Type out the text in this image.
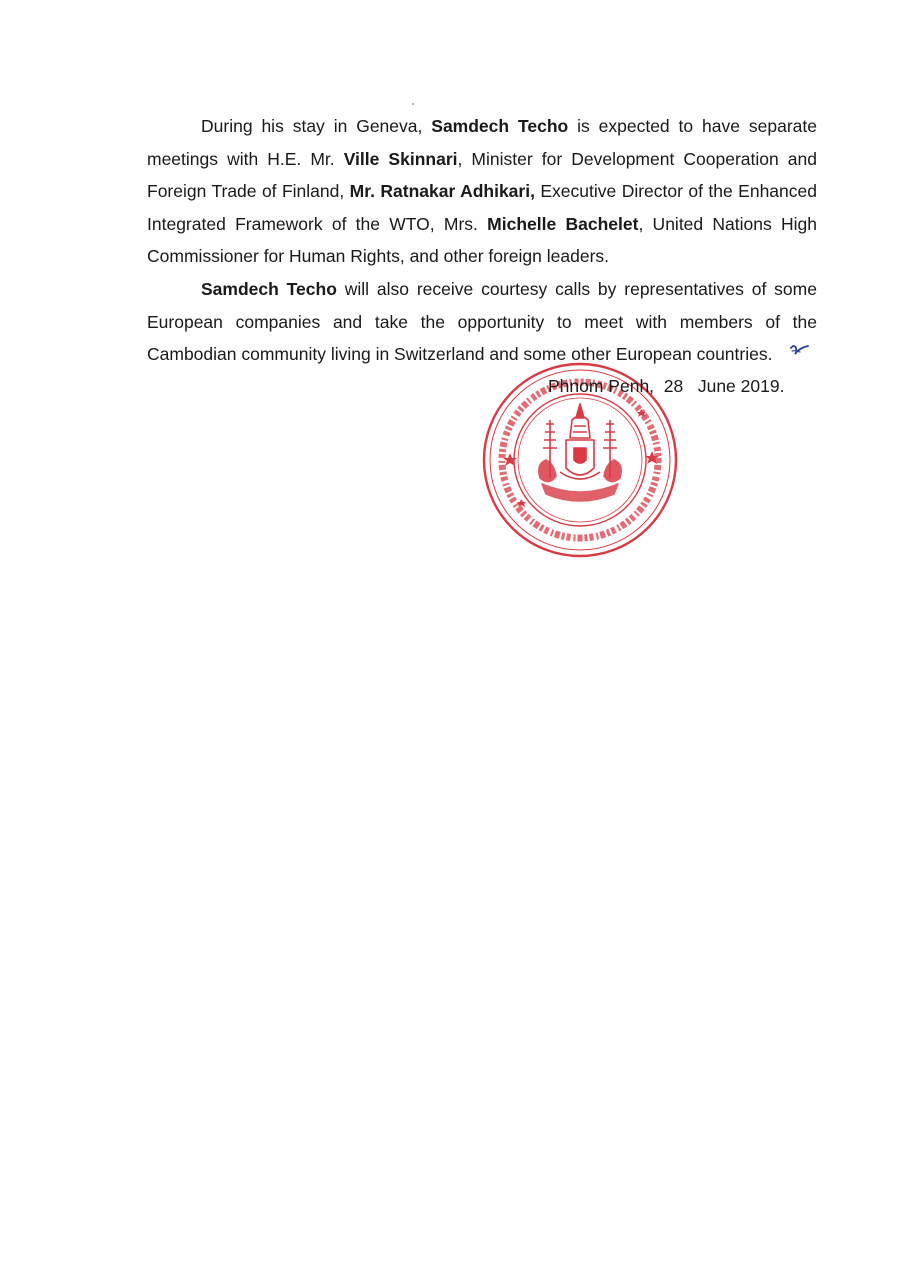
During his stay in Geneva, Samdech Techo is expected to have separate meetings with H.E. Mr. Ville Skinnari, Minister for Development Cooperation and Foreign Trade of Finland, Mr. Ratnakar Adhikari, Executive Director of the Enhanced Integrated Framework of the WTO, Mrs. Michelle Bachelet, United Nations High Commissioner for Human Rights, and other foreign leaders.

Samdech Techo will also receive courtesy calls by representatives of some European companies and take the opportunity to meet with members of the Cambodian community living in Switzerland and some other European countries.

Phnom Penh, 28   June 2019.
